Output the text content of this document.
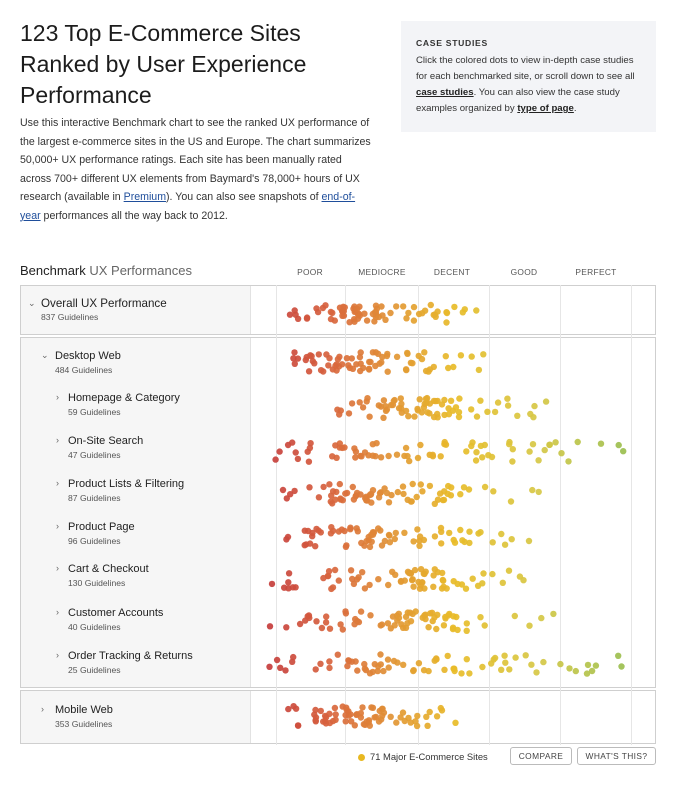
123 Top E-Commerce Sites Ranked by User Experience Performance
Use this interactive Benchmark chart to see the ranked UX performance of the largest e-commerce sites in the US and Europe. The chart summarizes 50,000+ UX performance ratings. Each site has been manually rated across 700+ different UX elements from Baymard's 78,000+ hours of UX research (available in Premium). You can also see snapshots of end-of-year performances all the way back to 2012.
CASE STUDIES
Click the colored dots to view in-depth case studies for each benchmarked site, or scroll down to see all case studies. You can also view the case study examples organized by type of page.
Benchmark UX Performances	POOR	MEDIOCRE	DECENT	GOOD	PERFECT
⌄ Overall UX Performance
837 Guidelines
⌄ Desktop Web
484 Guidelines
› Homepage & Category
59 Guidelines
› On-Site Search
47 Guidelines
› Product Lists & Filtering
87 Guidelines
› Product Page
96 Guidelines
› Cart & Checkout
130 Guidelines
› Customer Accounts
40 Guidelines
› Order Tracking & Returns
25 Guidelines
› Mobile Web
353 Guidelines
71 Major E-Commerce Sites	COMPARE	WHAT'S THIS?
